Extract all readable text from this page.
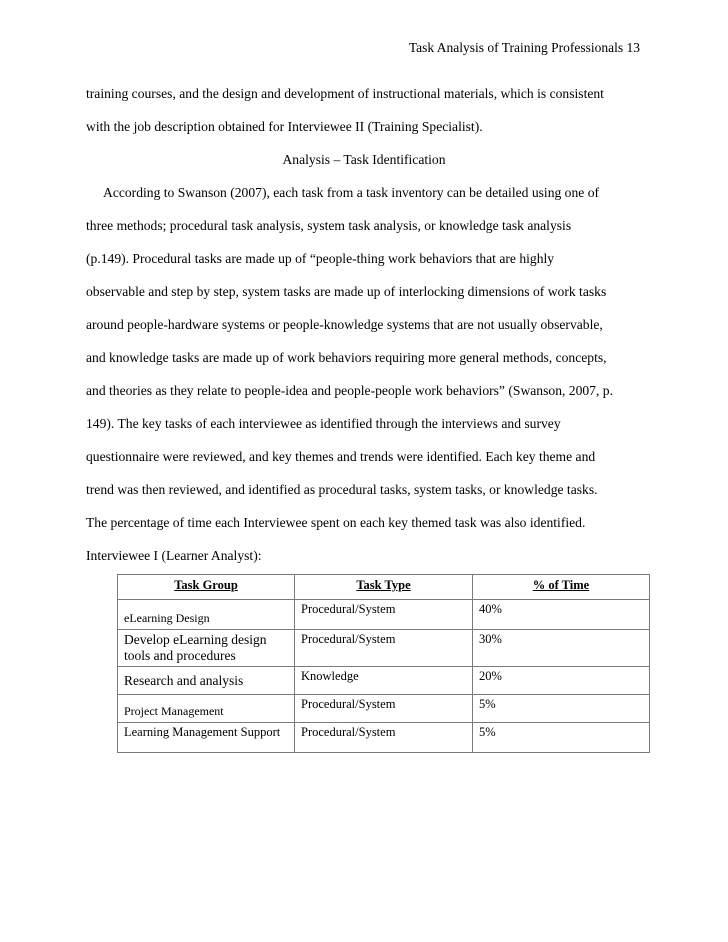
Task Analysis of Training Professionals 13
training courses, and the design and development of instructional materials, which is consistent
with the job description obtained for Interviewee II (Training Specialist).
Analysis – Task Identification
According to Swanson (2007), each task from a task inventory can be detailed using one of
three methods; procedural task analysis, system task analysis, or knowledge task analysis
(p.149). Procedural tasks are made up of “people-thing work behaviors that are highly
observable and step by step, system tasks are made up of interlocking dimensions of work tasks
around people-hardware systems or people-knowledge systems that are not usually observable,
and knowledge tasks are made up of work behaviors requiring more general methods, concepts,
and theories as they relate to people-idea and people-people work behaviors” (Swanson, 2007, p.
149). The key tasks of each interviewee as identified through the interviews and survey
questionnaire were reviewed, and key themes and trends were identified. Each key theme and
trend was then reviewed, and identified as procedural tasks, system tasks, or knowledge tasks.
The percentage of time each Interviewee spent on each key themed task was also identified.
Interviewee I (Learner Analyst):
Task Group	Task Type	% of Time

eLearning Design	Procedural/System	40%

Develop eLearning design tools and procedures	Procedural/System	30%

Research and analysis	Knowledge	20%

Project Management	Procedural/System	5%

Learning Management Support	Procedural/System	5%
